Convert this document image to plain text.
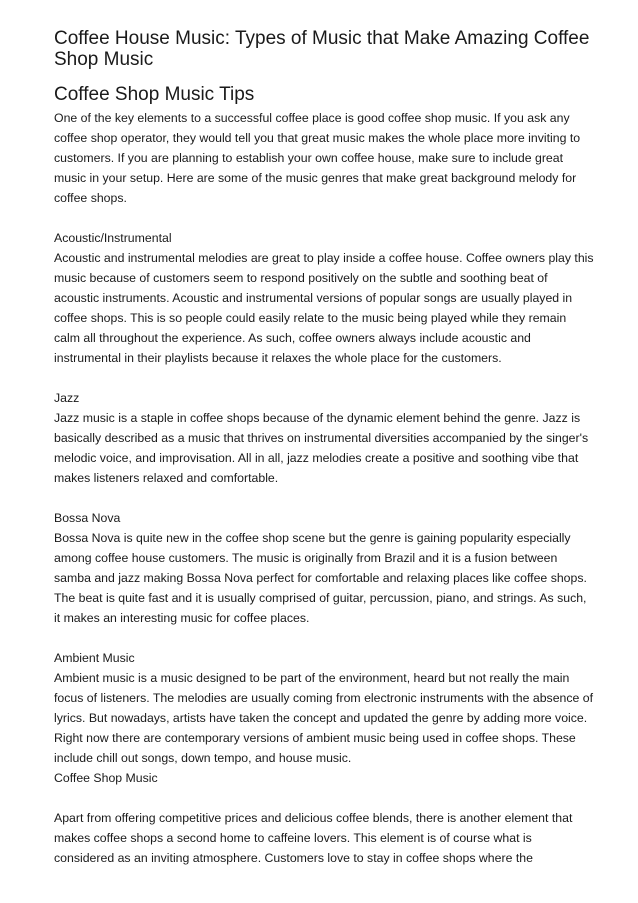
Coffee House Music: Types of Music that Make Amazing Coffee Shop Music
Coffee Shop Music Tips
One of the key elements to a successful coffee place is good coffee shop music. If you ask any coffee shop operator, they would tell you that great music makes the whole place more inviting to customers. If you are planning to establish your own coffee house, make sure to include great music in your setup. Here are some of the music genres that make great background melody for coffee shops.
Acoustic/Instrumental
Acoustic and instrumental melodies are great to play inside a coffee house. Coffee owners play this music because of customers seem to respond positively on the subtle and soothing beat of acoustic instruments. Acoustic and instrumental versions of popular songs are usually played in coffee shops. This is so people could easily relate to the music being played while they remain calm all throughout the experience. As such, coffee owners always include acoustic and instrumental in their playlists because it relaxes the whole place for the customers.
Jazz
Jazz music is a staple in coffee shops because of the dynamic element behind the genre. Jazz is basically described as a music that thrives on instrumental diversities accompanied by the singer's melodic voice, and improvisation. All in all, jazz melodies create a positive and soothing vibe that makes listeners relaxed and comfortable.
Bossa Nova
Bossa Nova is quite new in the coffee shop scene but the genre is gaining popularity especially among coffee house customers. The music is originally from Brazil and it is a fusion between samba and jazz making Bossa Nova perfect for comfortable and relaxing places like coffee shops. The beat is quite fast and it is usually comprised of guitar, percussion, piano, and strings. As such, it makes an interesting music for coffee places.
Ambient Music
Ambient music is a music designed to be part of the environment, heard but not really the main focus of listeners. The melodies are usually coming from electronic instruments with the absence of lyrics. But nowadays, artists have taken the concept and updated the genre by adding more voice. Right now there are contemporary versions of ambient music being used in coffee shops. These include chill out songs, down tempo, and house music.
Coffee Shop Music
Apart from offering competitive prices and delicious coffee blends, there is another element that makes coffee shops a second home to caffeine lovers. This element is of course what is considered as an inviting atmosphere. Customers love to stay in coffee shops where the
